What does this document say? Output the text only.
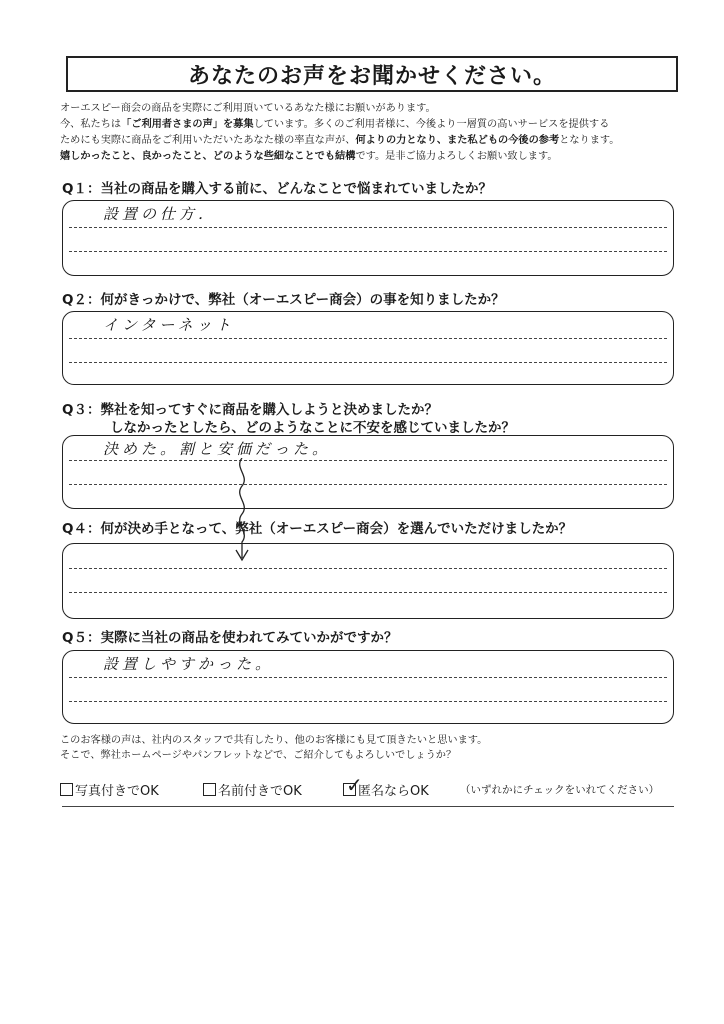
あなたのお声をお聞かせください。

オーエスピー商会の商品を実際にご利用頂いているあなた様にお願いがあります。

今、私たちは「ご利用者さまの声」を募集しています。多くのご利用者様に、今後より一層質の高いサービスを提供する

ためにも実際に商品をご利用いただいたあなた様の率直な声が、何よりの力となり、また私どもの今後の参考となります。

嬉しかったこと、良かったこと、どのような些細なことでも結構です。是非ご協力よろしくお願い致します。

Q１：当社の商品を購入する前に、どんなことで悩まれていましたか？
設置の仕方．
Q２：何がきっかけで、弊社（オーエスピー商会）の事を知りましたか？
インターネット
Q３：弊社を知ってすぐに商品を購入しようと決めましたか？
しなかったとしたら、どのようなことに不安を感じていましたか？
決めた。割と安価だった。
Q４：何が決め手となって、弊社（オーエスピー商会）を選んでいただけましたか？
Q５：実際に当社の商品を使われてみていかがですか？
設置しやすかった。

このお客様の声は、社内のスタッフで共有したり、他のお客様にも見て頂きたいと思います。

そこで、弊社ホームページやパンフレットなどで、ご紹介してもよろしいでしょうか？

写真付きでOK	名前付きでOK ✓
匿名ならOK	（いずれかにチェックをいれてください）
